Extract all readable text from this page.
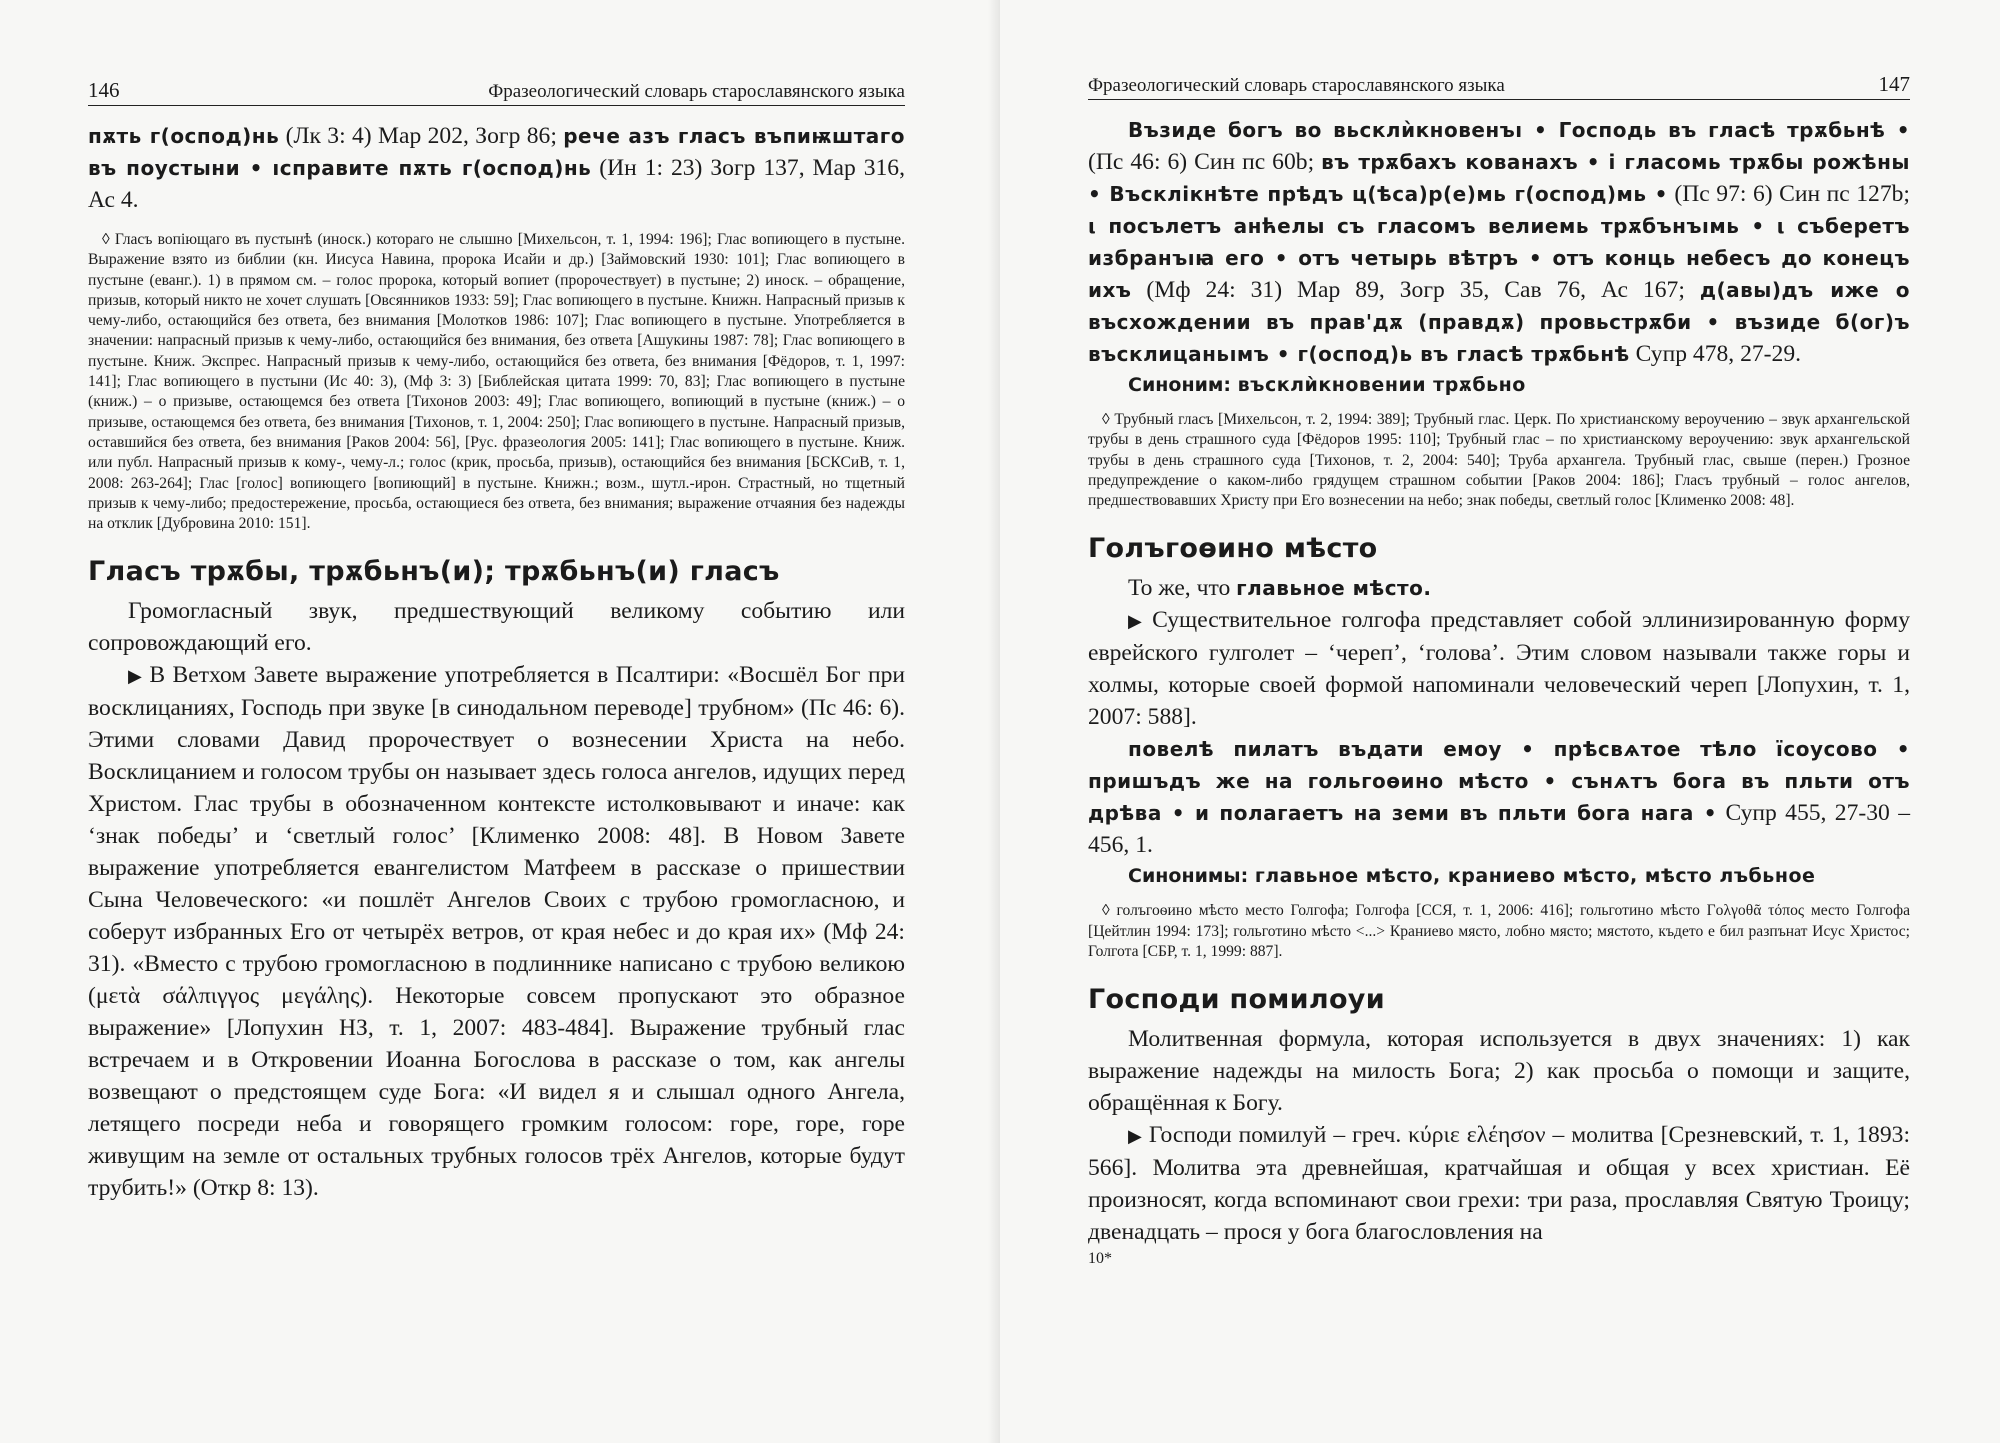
146	Фразеологический словарь старославянского языка

пѫть г(оспод)нь (Лк 3: 4) Мар 202, Зогр 86; рече азъ гласъ въпиѭштаго въ поустыни • ıсправите пѫть г(оспод)нь (Ин 1: 23) Зогр 137, Мар 316, Ас 4.

◊ Гласъ вопіющаго въ пустынѣ (иноск.) котораго не слышно [Михельсон, т. 1, 1994: 196]; Глас вопиющего в пустыне. Выражение взято из библии (кн. Иисуса Навина, пророка Исайи и др.) [Займовский 1930: 101]; Глас вопиющего в пустыне (еванг.). 1) в прямом см. – голос пророка, который вопиет (пророчествует) в пустыне; 2) иноск. – обращение, призыв, который никто не хочет слушать [Овсянников 1933: 59]; Глас вопиющего в пустыне. Книжн. Напрасный призыв к чему-либо, остающийся без ответа, без внимания [Молотков 1986: 107]; Глас вопиющего в пустыне. Употребляется в значении: напрасный призыв к чему-либо, остающийся без внимания, без ответа [Ашукины 1987: 78]; Глас вопиющего в пустыне. Книж. Экспрес. Напрасный призыв к чему-либо, остающийся без ответа, без внимания [Фёдоров, т. 1, 1997: 141]; Глас вопиющего в пустыни (Ис 40: 3), (Мф 3: 3) [Библейская цитата 1999: 70, 83]; Глас вопиющего в пустыне (книж.) – о призыве, остающемся без ответа [Тихонов 2003: 49]; Глас вопиющего, вопиющий в пустыне (книж.) – о призыве, остающемся без ответа, без внимания [Тихонов, т. 1, 2004: 250]; Глас вопиющего в пустыне. Напрасный призыв, оставшийся без ответа, без внимания [Раков 2004: 56], [Рус. фразеология 2005: 141]; Глас вопиющего в пустыне. Книж. или публ. Напрасный призыв к кому-, чему-л.; голос (крик, просьба, призыв), остающийся без внимания [БСКСиВ, т. 1, 2008: 263-264]; Глас [голос] вопиющего [вопиющий] в пустыне. Книжн.; возм., шутл.-ирон. Страстный, но тщетный призыв к чему-либо; предостережение, просьба, остающиеся без ответа, без внимания; выражение отчаяния без надежды на отклик [Дубровина 2010: 151].

Гласъ трѫбы, трѫбьнъ(и); трѫбьнъ(и) гласъ

Громогласный звук, предшествующий великому событию или сопровождающий его.

▶ В Ветхом Завете выражение употребляется в Псалтири: «Восшёл Бог при восклицаниях, Господь при звуке [в синодальном переводе] трубном» (Пс 46: 6). Этими словами Давид пророчествует о вознесении Христа на небо. Восклицанием и голосом трубы он называет здесь голоса ангелов, идущих перед Христом. Глас трубы в обозначенном контексте истолковывают и иначе: как ‘знак победы’ и ‘светлый голос’ [Клименко 2008: 48]. В Новом Завете выражение употребляется евангелистом Матфеем в рассказе о пришествии Сына Человеческого: «и пошлёт Ангелов Своих с трубою громогласною, и соберут избранных Его от четырёх ветров, от края небес и до края их» (Мф 24: 31). «Вместо с трубою громогласною в подлиннике написано с трубою великою (μετὰ σάλπιγγος μεγάλης). Некоторые совсем пропускают это образное выражение» [Лопухин НЗ, т. 1, 2007: 483-484]. Выражение трубный глас встречаем и в Откровении Иоанна Богослова в рассказе о том, как ангелы возвещают о предстоящем суде Бога: «И видел я и слышал одного Ангела, летящего посреди неба и говорящего громким голосом: горе, горе, горе живущим на земле от остальных трубных голосов трёх Ангелов, которые будут трубить!» (Откр 8: 13).

Фразеологический словарь старославянского языка	147

Възиде богъ во вьсклѝкновенъı • Господь въ гласѣ трѫбьнѣ • (Пс 46: 6) Син пс 60b; въ трѫбахъ кованахъ • і гласомь трѫбы рожѣны • Въсклікнѣте прѣдъ ц(ѣса)р(е)мь г(оспод)мь • (Пс 97: 6) Син пс 127b; ι посълетъ анћелы съ гласомъ велиемь трѫбънъıмь • ι съберетъ избранъıꙗ его • отъ четырь вѣтръ • отъ конць небесъ до конецъ ихъ (Мф 24: 31) Мар 89, Зогр 35, Сав 76, Ас 167; д(авы)дъ иже о въсхождении въ прав'дѫ (правдѫ) провьстрѫби • възиде б(ог)ъ въсклицаньıмъ • г(оспод)ь въ гласѣ трѫбьнѣ Супр 478, 27-29.

Синоним: въсклѝкновении трѫбьно

◊ Трубный гласъ [Михельсон, т. 2, 1994: 389]; Трубный глас. Церк. По христианскому вероучению – звук архангельской трубы в день страшного суда [Фёдоров 1995: 110]; Трубный глас – по христианскому вероучению: звук архангельской трубы в день страшного суда [Тихонов, т. 2, 2004: 540]; Труба архангела. Трубный глас, свыше (перен.) Грозное предупреждение о каком-либо грядущем страшном событии [Раков 2004: 186]; Гласъ трубный – голос ангелов, предшествовавших Христу при Его вознесении на небо; знак победы, светлый голос [Клименко 2008: 48].

Голъгоѳино мѣсто

То же, что главьное мѣсто.

▶ Существительное голгофа представляет собой эллинизированную форму еврейского гулголет – ‘череп’, ‘голова’. Этим словом называли также горы и холмы, которые своей формой напоминали человеческий череп [Лопухин, т. 1, 2007: 588].

повелѣ пилатъ въдати емоу • прѣсвѧтое тѣло їсоусово • пришъдъ же на гольгоѳино мѣсто • сънѧтъ бога въ пльти отъ дрѣва • и полагаетъ на земи въ пльти бога нага • Супр 455, 27-30 – 456, 1.

Синонимы: главьное мѣсто, краниево мѣсто, мѣсто лъбьное

◊ голъгоѳино мѣсто место Голгофа; Голгофа [ССЯ, т. 1, 2006: 416]; гольготино мѣсто Γολγοθᾶ τόπος место Голгофа [Цейтлин 1994: 173]; гольготино мѣсто <...> Краниево място, лобно място; мястото, където е бил разпънат Исус Христос; Голгота [СБР, т. 1, 1999: 887].

Господи помилоуи

Молитвенная формула, которая используется в двух значениях: 1) как выражение надежды на милость Бога; 2) как просьба о помощи и защите, обращённая к Богу.

▶ Господи помилуй – греч. κύριε ελέησον – молитва [Срезневский, т. 1, 1893: 566]. Молитва эта древнейшая, кратчайшая и общая у всех христиан. Её произносят, когда вспоминают свои грехи: три раза, прославляя Святую Троицу; двенадцать – прося у бога благословления на

10*
